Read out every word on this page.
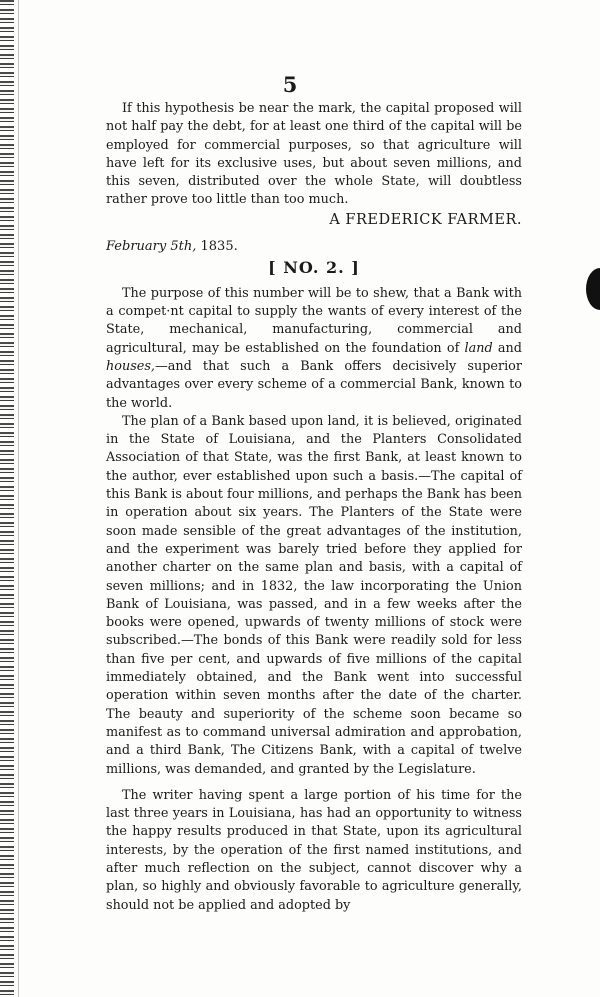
5

If this hypothesis be near the mark, the capital proposed will not half pay the debt, for at least one third of the capital will be employed for commercial purposes, so that agriculture will have left for its exclusive uses, but about seven millions, and this seven, distributed over the whole State, will doubtless rather prove too little than too much.

A FREDERICK FARMER.

February 5th, 1835.

[ NO. 2. ]

The purpose of this number will be to shew, that a Bank with a compet·nt capital to supply the wants of every interest of the State, mechanical, manufacturing, commercial and agricultural, may be established on the foundation of land and houses,—and that such a Bank offers decisively superior advantages over every scheme of a commercial Bank, known to the world.

The plan of a Bank based upon land, it is believed, originated in the State of Louisiana, and the Planters Consolidated Association of that State, was the first Bank, at least known to the author, ever established upon such a basis.—The capital of this Bank is about four millions, and perhaps the Bank has been in operation about six years. The Planters of the State were soon made sensible of the great advantages of the institution, and the experiment was barely tried before they applied for another charter on the same plan and basis, with a capital of seven millions; and in 1832, the law incorporating the Union Bank of Louisiana, was passed, and in a few weeks after the books were opened, upwards of twenty millions of stock were subscribed.—The bonds of this Bank were readily sold for less than five per cent, and upwards of five millions of the capital immediately obtained, and the Bank went into successful operation within seven months after the date of the charter. The beauty and superiority of the scheme soon became so manifest as to command universal admiration and approbation, and a third Bank, The Citizens Bank, with a capital of twelve millions, was demanded, and granted by the Legislature.

The writer having spent a large portion of his time for the last three years in Louisiana, has had an opportunity to witness the happy results produced in that State, upon its agricultural interests, by the operation of the first named institutions, and after much reflection on the subject, cannot discover why a plan, so highly and obviously favorable to agriculture generally, should not be applied and adopted by
